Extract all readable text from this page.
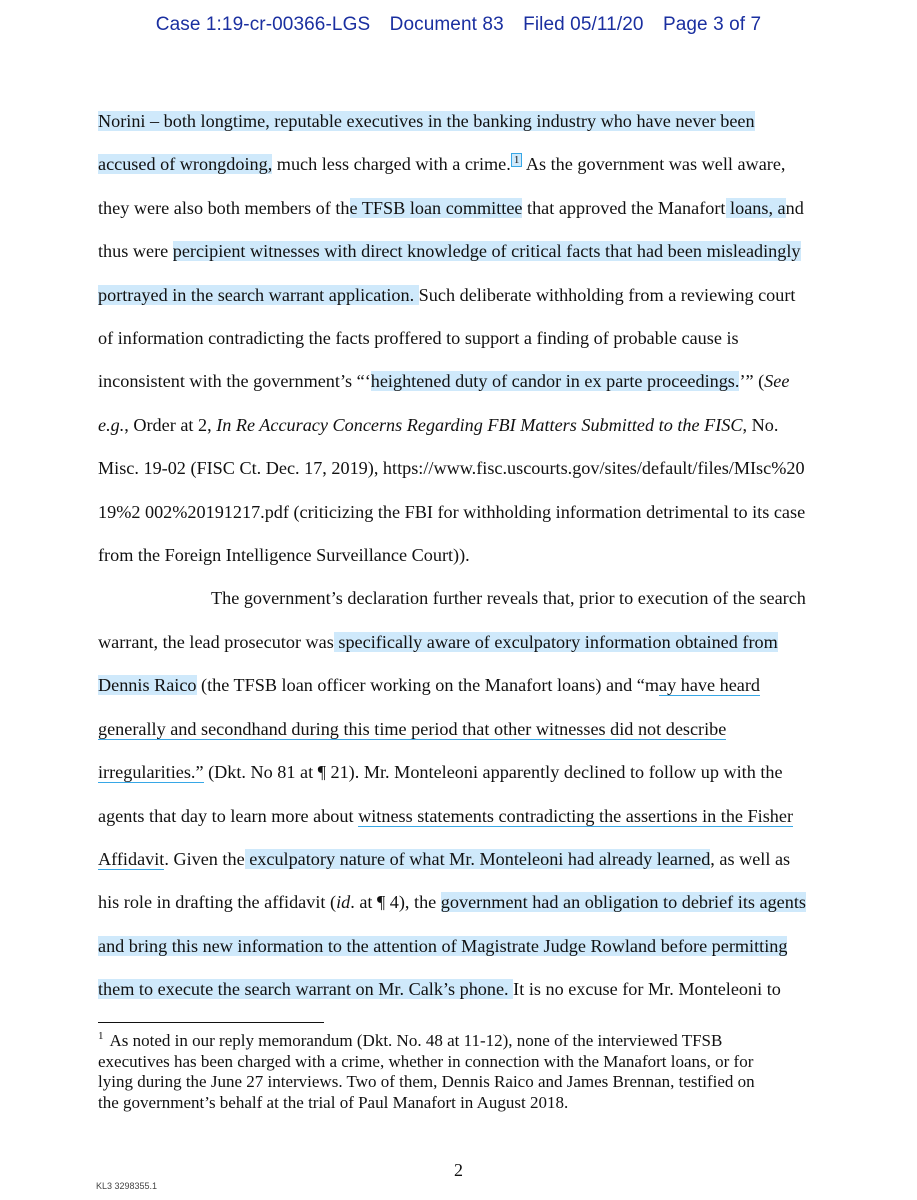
Case 1:19-cr-00366-LGS Document 83 Filed 05/11/20 Page 3 of 7

Norini – both longtime, reputable executives in the banking industry who have never been

accused of wrongdoing, much less charged with a crime. $^1$ As the government was well aware,

they were also both members of the TFSB loan committee that approved the Manafort loans, and

thus were percipient witnesses with direct knowledge of critical facts that had been misleadingly

portrayed in the search warrant application. Such deliberate withholding from a reviewing court

of information contradicting the facts proffered to support a finding of probable cause is

inconsistent with the government’s “‘heightened duty of candor in ex parte proceedings.’” (See

e.g., Order at 2, In Re Accuracy Concerns Regarding FBI Matters Submitted to the FISC, No.

Misc. 19-02 (FISC Ct. Dec. 17, 2019), https://www.fisc.uscourts.gov/sites/default/files/MIsc%20

19%2 002%20191217.pdf (criticizing the FBI for withholding information detrimental to its case

from the Foreign Intelligence Surveillance Court)).

The government’s declaration further reveals that, prior to execution of the search

warrant, the lead prosecutor was specifically aware of exculpatory information obtained from

Dennis Raico (the TFSB loan officer working on the Manafort loans) and “may have heard

generally and secondhand during this time period that other witnesses did not describe

irregularities.” (Dkt. No 81 at ¶ 21). Mr. Monteleoni apparently declined to follow up with the

agents that day to learn more about witness statements contradicting the assertions in the Fisher

Affidavit. Given the exculpatory nature of what Mr. Monteleoni had already learned, as well as

his role in drafting the affidavit (id. at ¶ 4), the government had an obligation to debrief its agents

and bring this new information to the attention of Magistrate Judge Rowland before permitting

them to execute the search warrant on Mr. Calk’s phone. It is no excuse for Mr. Monteleoni to

$^1$ As noted in our reply memorandum (Dkt. No. 48 at 11-12), none of the interviewed TFSB

executives has been charged with a crime, whether in connection with the Manafort loans, or for

lying during the June 27 interviews. Two of them, Dennis Raico and James Brennan, testified on

the government’s behalf at the trial of Paul Manafort in August 2018.

2
KL3 3298355.1
